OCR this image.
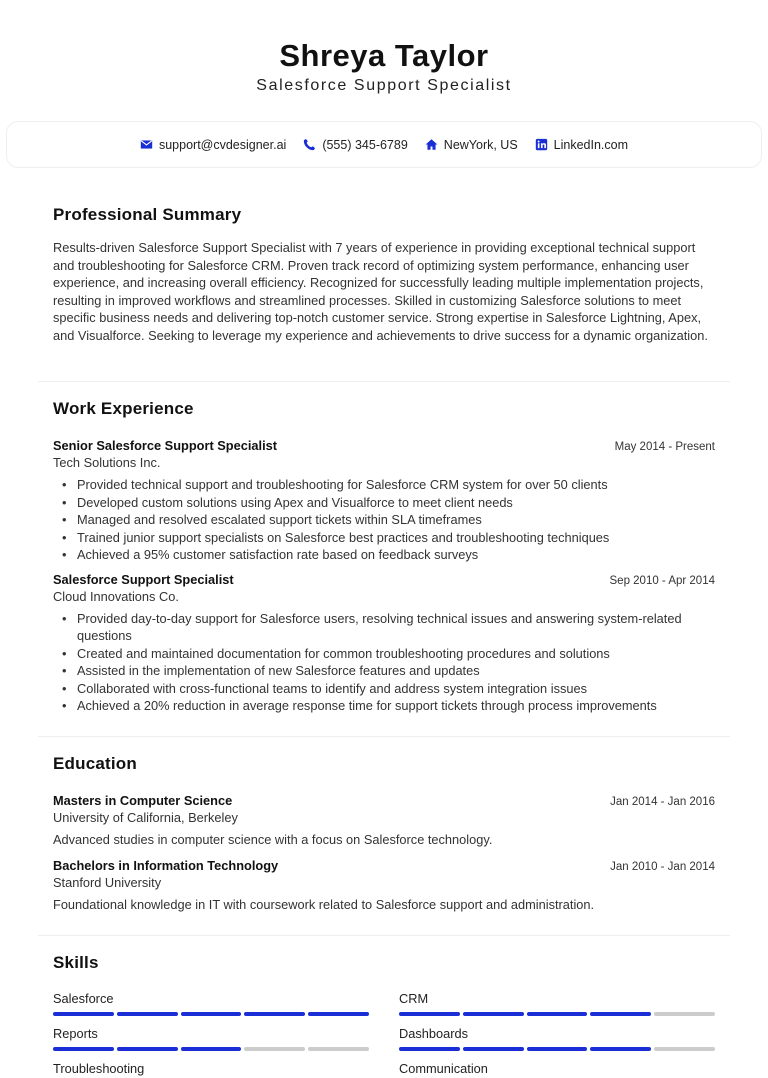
Shreya Taylor
Salesforce Support Specialist
support@cvdesigner.ai	(555) 345-6789	NewYork, US	LinkedIn.com
Professional Summary
Results-driven Salesforce Support Specialist with 7 years of experience in providing exceptional technical support and troubleshooting for Salesforce CRM. Proven track record of optimizing system performance, enhancing user experience, and increasing overall efficiency. Recognized for successfully leading multiple implementation projects, resulting in improved workflows and streamlined processes. Skilled in customizing Salesforce solutions to meet specific business needs and delivering top-notch customer service. Strong expertise in Salesforce Lightning, Apex, and Visualforce. Seeking to leverage my experience and achievements to drive success for a dynamic organization.
Work Experience
Senior Salesforce Support Specialist	May 2014 - Present
Tech Solutions Inc.
• Provided technical support and troubleshooting for Salesforce CRM system for over 50 clients
• Developed custom solutions using Apex and Visualforce to meet client needs
• Managed and resolved escalated support tickets within SLA timeframes
• Trained junior support specialists on Salesforce best practices and troubleshooting techniques
• Achieved a 95% customer satisfaction rate based on feedback surveys
Salesforce Support Specialist	Sep 2010 - Apr 2014
Cloud Innovations Co.
• Provided day-to-day support for Salesforce users, resolving technical issues and answering system-related questions
• Created and maintained documentation for common troubleshooting procedures and solutions
• Assisted in the implementation of new Salesforce features and updates
• Collaborated with cross-functional teams to identify and address system integration issues
• Achieved a 20% reduction in average response time for support tickets through process improvements
Education
Masters in Computer Science	Jan 2014 - Jan 2016
University of California, Berkeley
Advanced studies in computer science with a focus on Salesforce technology.
Bachelors in Information Technology	Jan 2010 - Jan 2014
Stanford University
Foundational knowledge in IT with coursework related to Salesforce support and administration.
Skills
Salesforce	CRM
Reports	Dashboards
Troubleshooting	Communication
